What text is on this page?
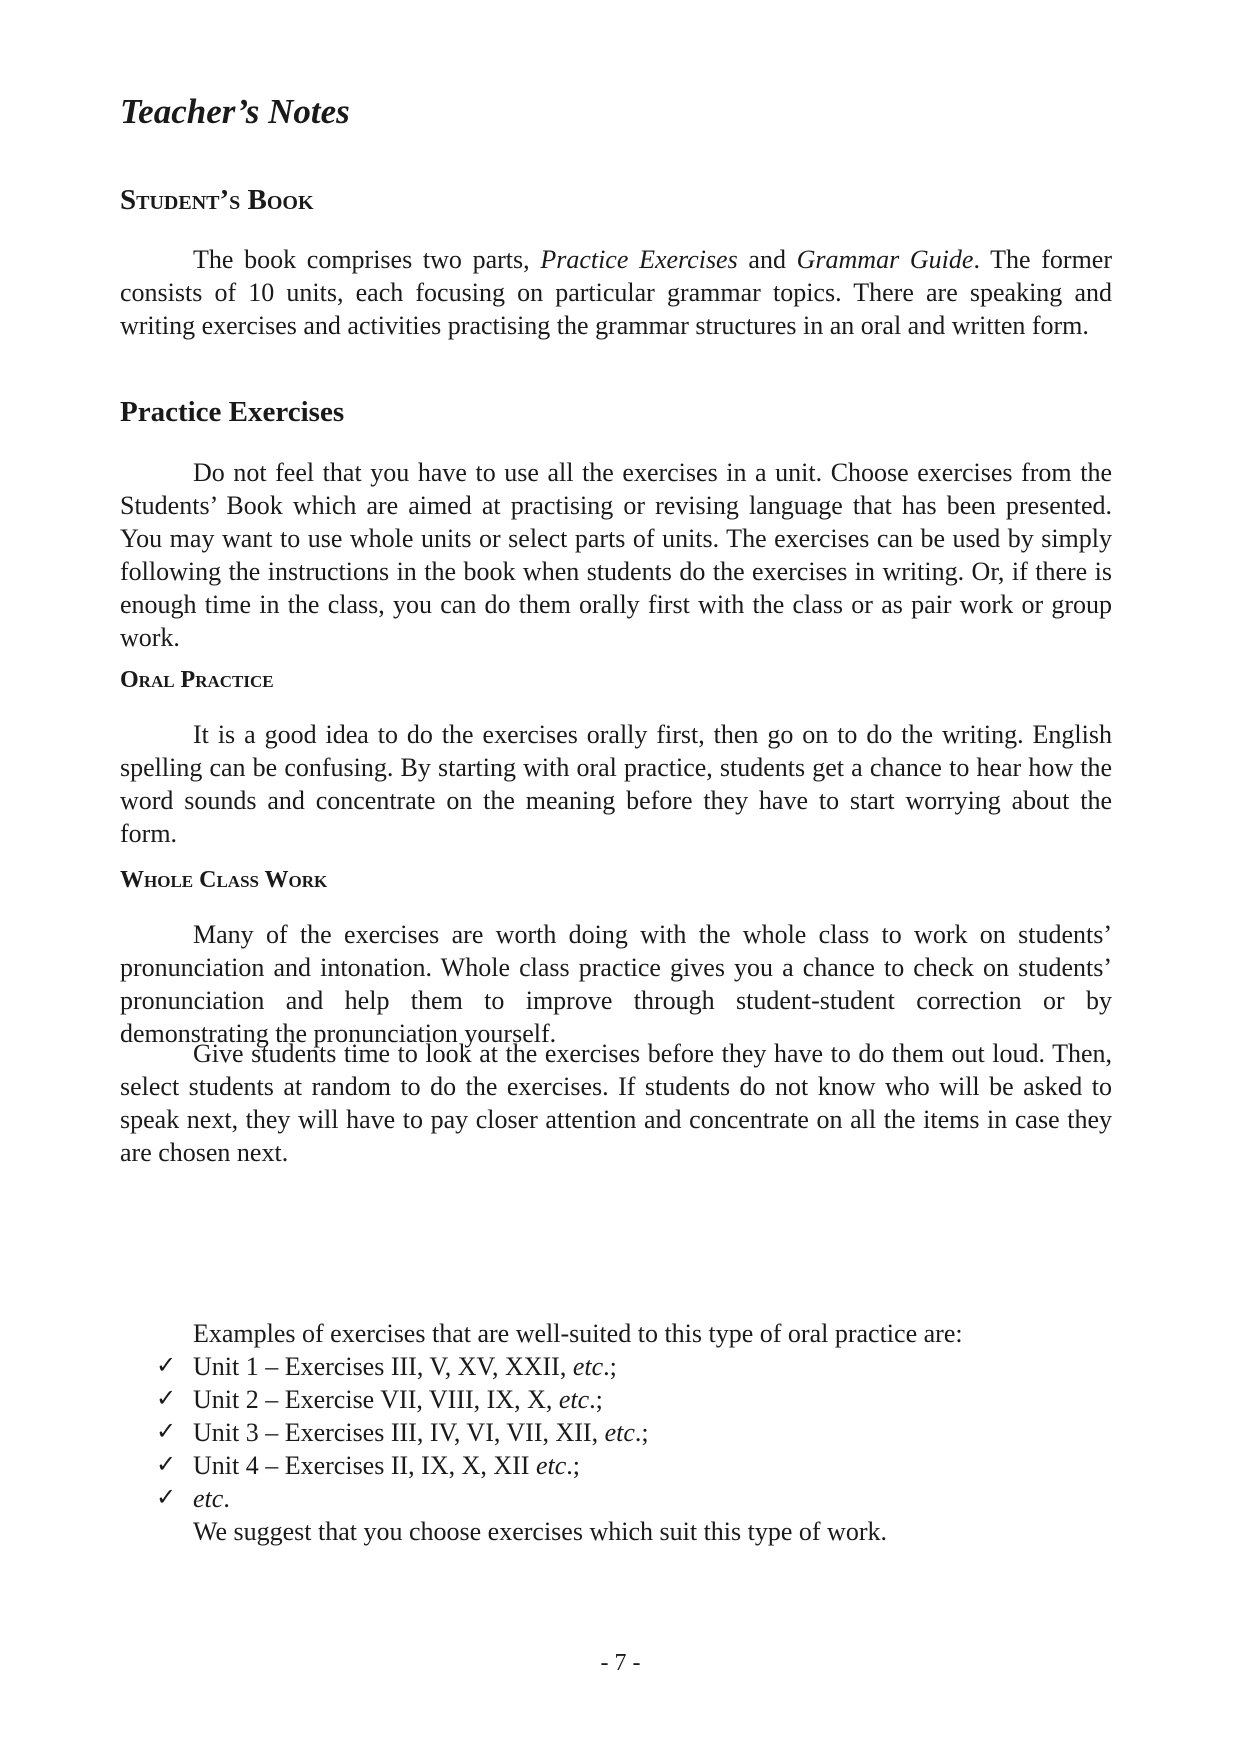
Teacher’s Notes
Student’s Book

The book comprises two parts, Practice Exercises and Grammar Guide. The former consists of 10 units, each focusing on particular grammar topics. There are speaking and writing exercises and activities practising the grammar structures in an oral and written form.

Practice Exercises

Do not feel that you have to use all the exercises in a unit. Choose exercises from the Students’ Book which are aimed at practising or revising language that has been presented. You may want to use whole units or select parts of units. The exercises can be used by simply following the instructions in the book when students do the exercises in writing. Or, if there is enough time in the class, you can do them orally first with the class or as pair work or group work.

Oral Practice

It is a good idea to do the exercises orally first, then go on to do the writing. English spelling can be confusing. By starting with oral practice, students get a chance to hear how the word sounds and concentrate on the meaning before they have to start worrying about the form.

Whole Class Work

Many of the exercises are worth doing with the whole class to work on students’ pronunciation and intonation. Whole class practice gives you a chance to check on students’ pronunciation and help them to improve through student-student correction or by demonstrating the pronunciation yourself.

Give students time to look at the exercises before they have to do them out loud. Then, select students at random to do the exercises. If students do not know who will be asked to speak next, they will have to pay closer attention and concentrate on all the items in case they are chosen next.

Examples of exercises that are well-suited to this type of oral practice are:

✓ Unit 1 – Exercises III, V, XV, XXII, etc.;
✓ Unit 2 – Exercise VII, VIII, IX, X, etc.;
✓ Unit 3 – Exercises III, IV, VI, VII, XII, etc.;
✓ Unit 4 – Exercises II, IX, X, XII etc.;
✓ etc.

We suggest that you choose exercises which suit this type of work.

- 7 -
